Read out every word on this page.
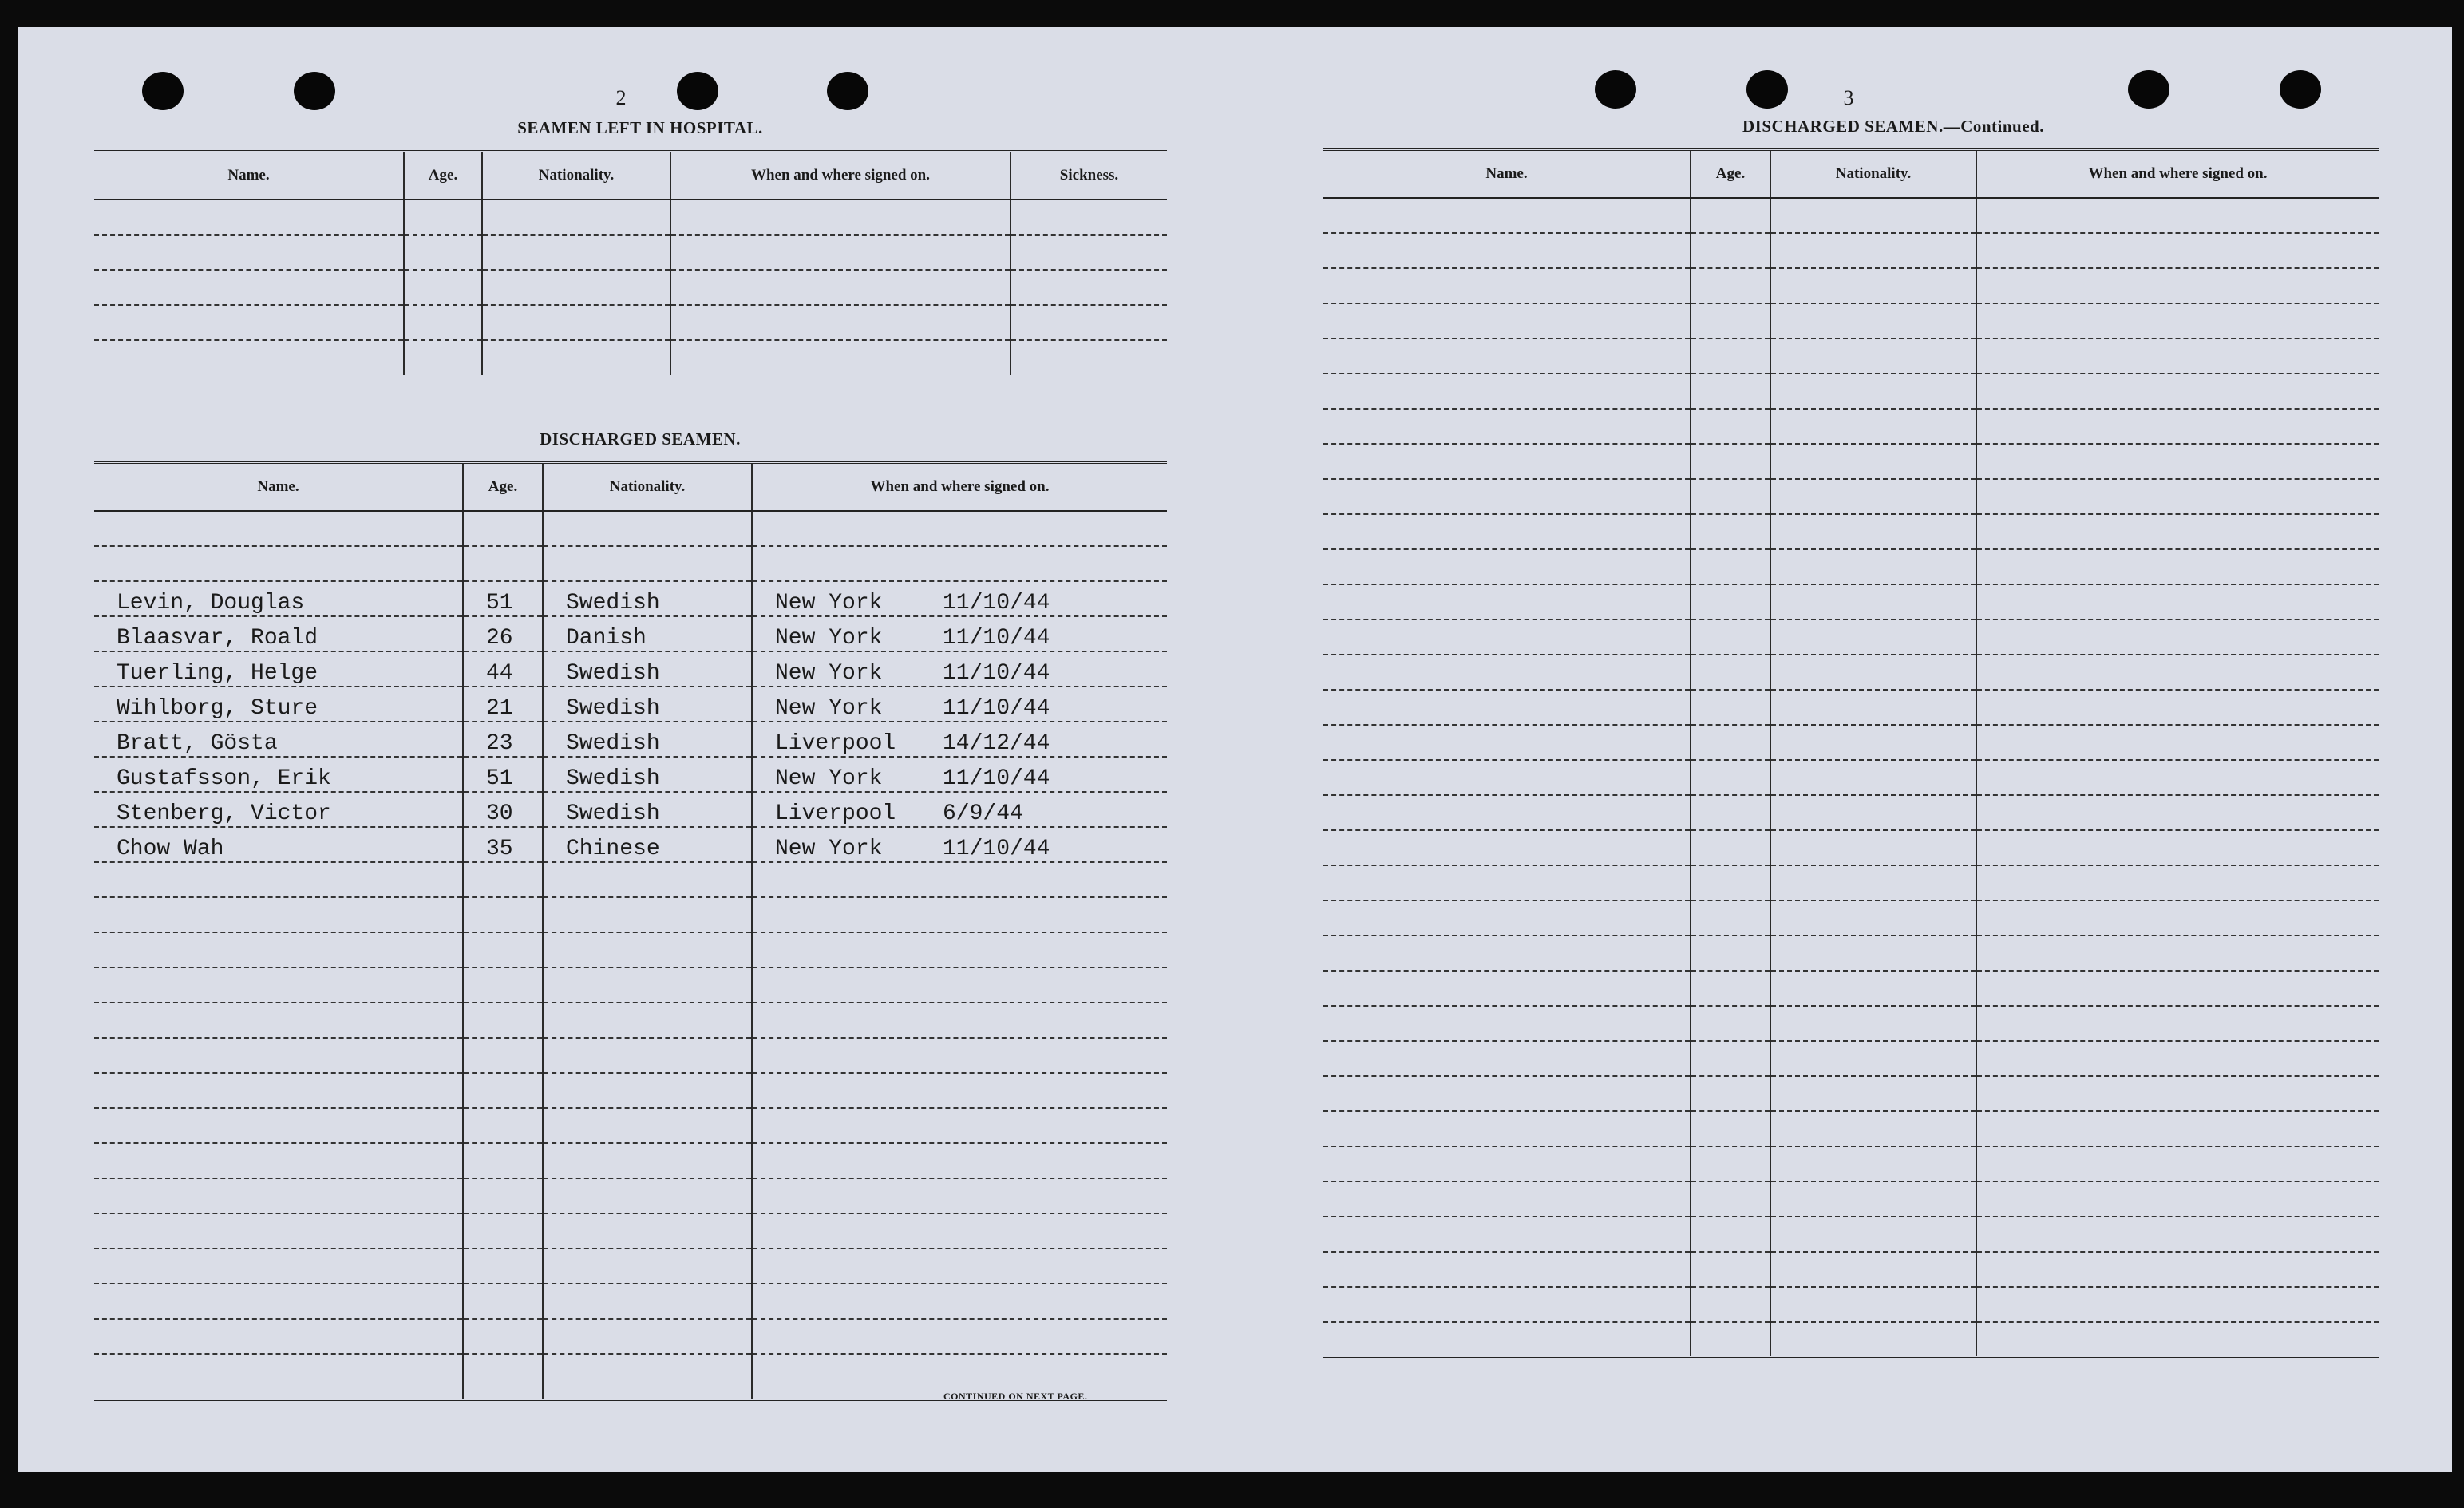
2
SEAMEN LEFT IN HOSPITAL.
Name.	Age.	Nationality.	When and where signed on.	Sickness.

DISCHARGED SEAMEN.
Name.	Age.	Nationality.	When and where signed on.

Levin, Douglas	51	Swedish	New York 11/10/44
Blaasvar, Roald	26	Danish	New York 11/10/44
Tuerling, Helge	44	Swedish	New York 11/10/44
Wihlborg, Sture	21	Swedish	New York 11/10/44
Bratt, Gösta	23	Swedish	Liverpool 14/12/44
Gustafsson, Erik	51	Swedish	New York 11/10/44
Stenberg, Victor	30	Swedish	Liverpool 6/9/44
Chow Wah	35	Chinese	New York 11/10/44

CONTINUED ON NEXT PAGE.
3
DISCHARGED SEAMEN.—Continued.
Name.	Age.	Nationality.	When and where signed on.
